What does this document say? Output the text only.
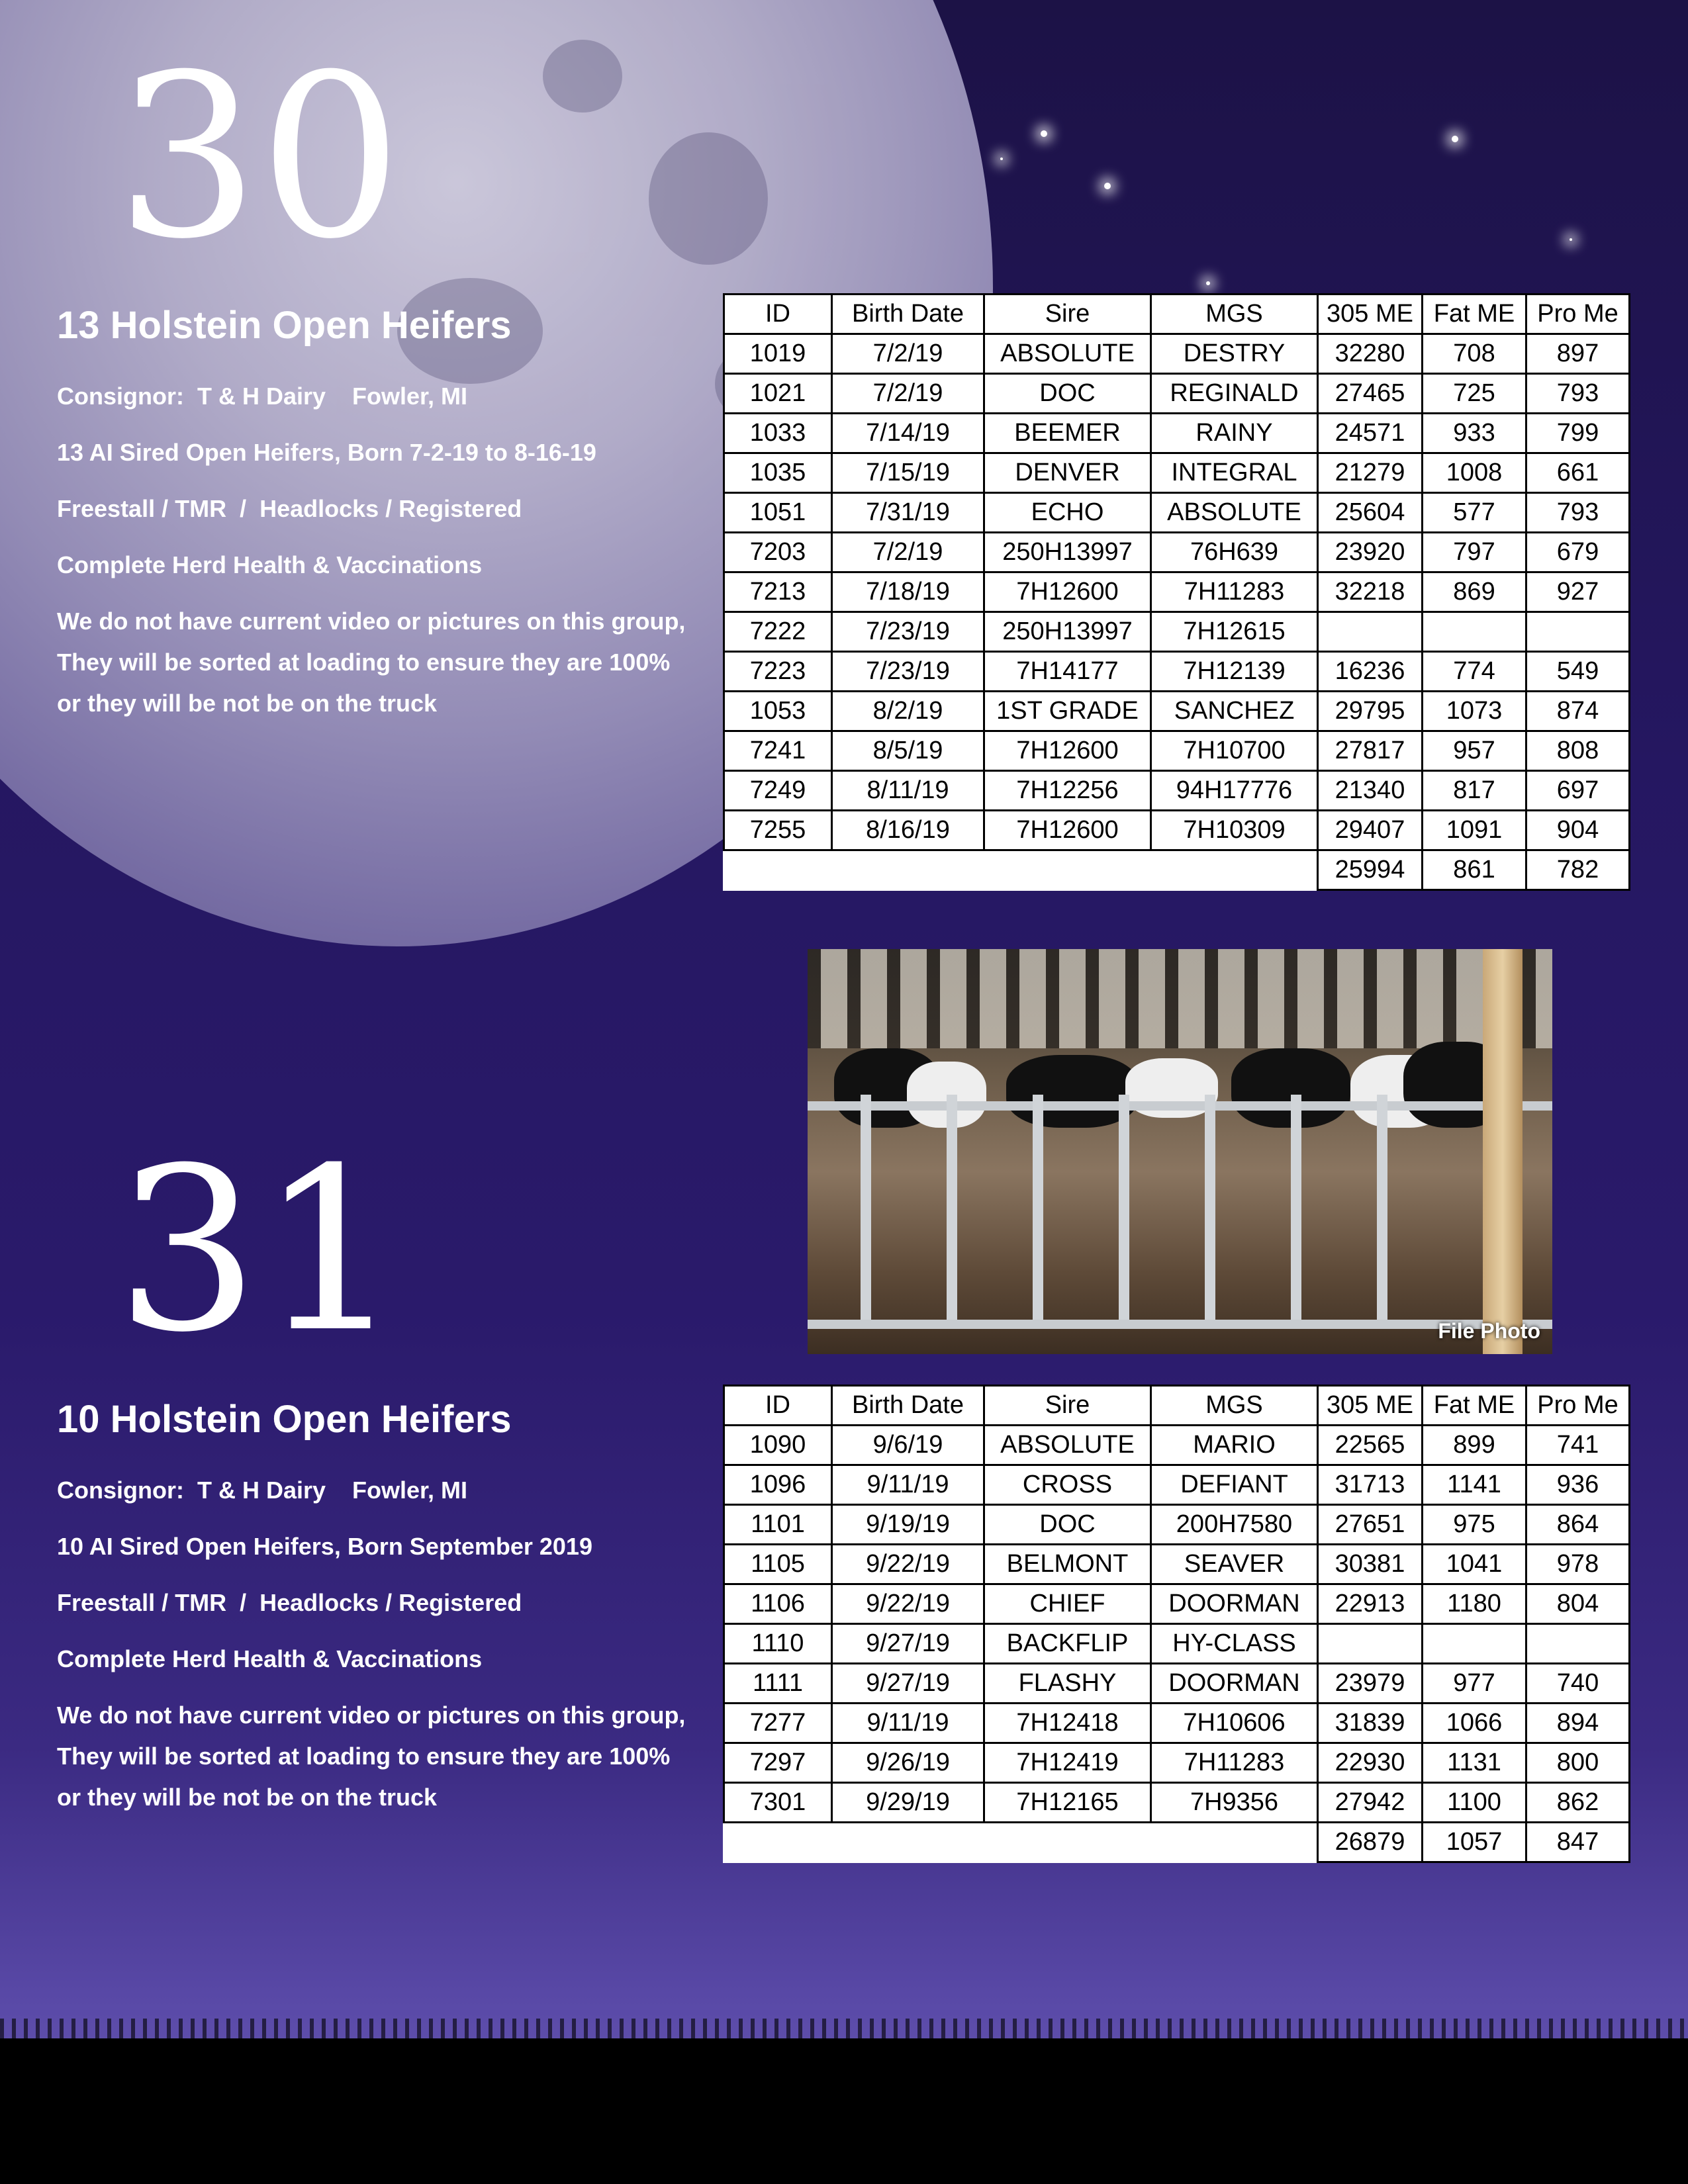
30
13 Holstein Open Heifers

Consignor:  T & H Dairy    Fowler, MI

13 AI Sired Open Heifers, Born 7-2-19 to 8-16-19

Freestall / TMR  /  Headlocks / Registered

Complete Herd Health & Vaccinations

We do not have current video or pictures on this group,
They will be sorted at loading to ensure they are 100%
or they will be not be on the truck
ID	Birth Date	Sire	MGS	305 ME	Fat ME	Pro Me
1019	7/2/19	ABSOLUTE	DESTRY	32280	708	897
1021	7/2/19	DOC	REGINALD	27465	725	793
1033	7/14/19	BEEMER	RAINY	24571	933	799
1035	7/15/19	DENVER	INTEGRAL	21279	1008	661
1051	7/31/19	ECHO	ABSOLUTE	25604	577	793
7203	7/2/19	250H13997	76H639	23920	797	679
7213	7/18/19	7H12600	7H11283	32218	869	927
7222	7/23/19	250H13997	7H12615			
7223	7/23/19	7H14177	7H12139	16236	774	549
1053	8/2/19	1ST GRADE	SANCHEZ	29795	1073	874
7241	8/5/19	7H12600	7H10700	27817	957	808
7249	8/11/19	7H12256	94H17776	21340	817	697
7255	8/16/19	7H12600	7H10309	29407	1091	904
				25994	861	782
File Photo
31
10 Holstein Open Heifers

Consignor:  T & H Dairy    Fowler, MI

10 AI Sired Open Heifers, Born September 2019

Freestall / TMR  /  Headlocks / Registered

Complete Herd Health & Vaccinations

We do not have current video or pictures on this group,
They will be sorted at loading to ensure they are 100%
or they will be not be on the truck
ID	Birth Date	Sire	MGS	305 ME	Fat ME	Pro Me
1090	9/6/19	ABSOLUTE	MARIO	22565	899	741
1096	9/11/19	CROSS	DEFIANT	31713	1141	936
1101	9/19/19	DOC	200H7580	27651	975	864
1105	9/22/19	BELMONT	SEAVER	30381	1041	978
1106	9/22/19	CHIEF	DOORMAN	22913	1180	804
1110	9/27/19	BACKFLIP	HY-CLASS			
1111	9/27/19	FLASHY	DOORMAN	23979	977	740
7277	9/11/19	7H12418	7H10606	31839	1066	894
7297	9/26/19	7H12419	7H11283	22930	1131	800
7301	9/29/19	7H12165	7H9356	27942	1100	862
				26879	1057	847
